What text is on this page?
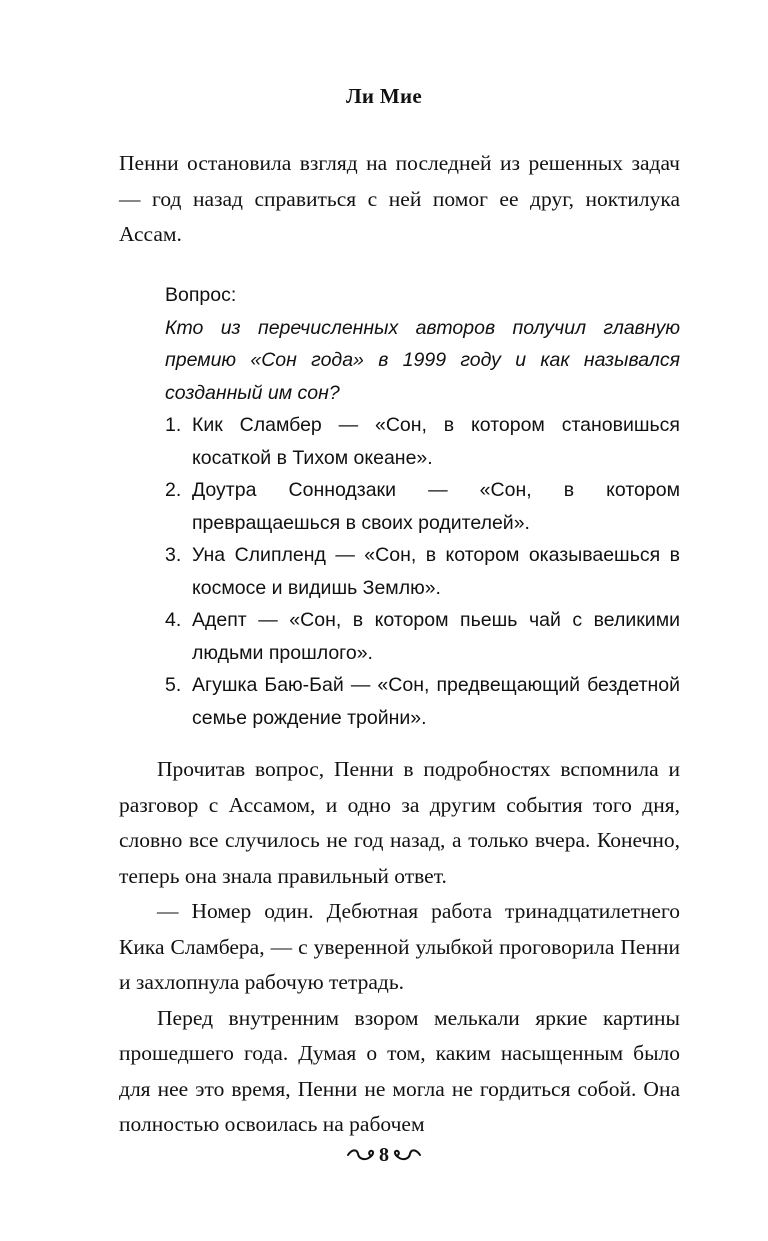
Ли Мие

Пенни остановила взгляд на последней из решенных задач — год назад справиться с ней помог ее друг, ноктилука Ассам.

Вопрос:

Кто из перечисленных авторов получил главную премию «Сон года» в 1999 году и как назывался созданный им сон?

1. Кик Сламбер — «Сон, в котором становишься косаткой в Тихом океане».
2. Доутра Соннодзаки — «Сон, в котором превращаешься в своих родителей».
3. Уна Слипленд — «Сон, в котором оказываешься в космосе и видишь Землю».
4. Адепт — «Сон, в котором пьешь чай с великими людьми прошлого».
5. Агушка Баю-Бай — «Сон, предвещающий бездетной семье рождение тройни».

Прочитав вопрос, Пенни в подробностях вспомнила и разговор с Ассамом, и одно за другим события того дня, словно все случилось не год назад, а только вчера. Конечно, теперь она знала правильный ответ.

— Номер один. Дебютная работа тринадцатилетнего Кика Сламбера, — с уверенной улыбкой проговорила Пенни и захлопнула рабочую тетрадь.

Перед внутренним взором мелькали яркие картины прошедшего года. Думая о том, каким насыщенным было для нее это время, Пенни не могла не гордиться собой. Она полностью освоилась на рабочем

8
